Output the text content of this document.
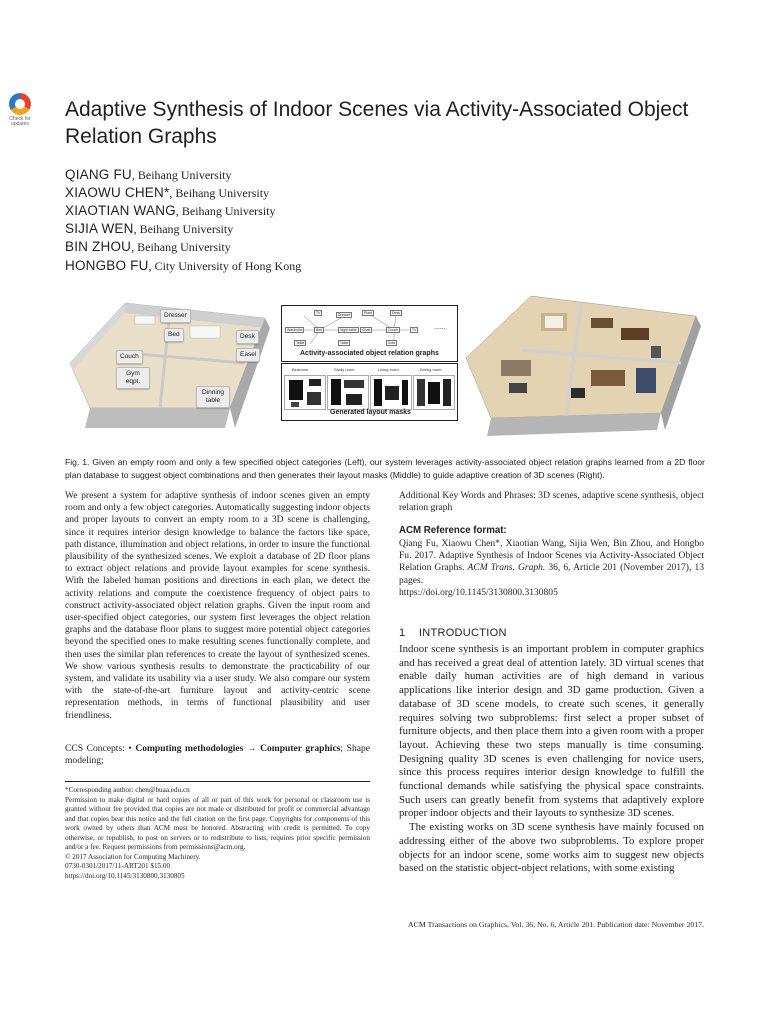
Check for updates
Adaptive Synthesis of Indoor Scenes via Activity-Associated Object Relation Graphs
QIANG FU, Beihang University
XIAOWU CHEN*, Beihang University
XIAOTIAN WANG, Beihang University
SIJIA WEN, Beihang University
BIN ZHOU, Beihang University
HONGBO FU, City University of Hong Kong
Dresser
Bed	Desk
Couch	Easel
Gym eqpt.
Dinning table
TV	Plant
Bed
Wardrobe	Night table	Chair	Couch	TV
Table
Dresser	Desk
Sofa
Table
......
Activity-associated object relation graphs
Bedroom	Study room	Living room	Dining room
Generated layout masks

Fig. 1. Given an empty room and only a few specified object categories (Left), our system leverages activity-associated object relation graphs learned from a 2D floor plan database to suggest object combinations and then generates their layout masks (Middle) to guide adaptive creation of 3D scenes (Right).

We present a system for adaptive synthesis of indoor scenes given an empty room and only a few object categories. Automatically suggesting indoor objects and proper layouts to convert an empty room to a 3D scene is challenging, since it requires interior design knowledge to balance the factors like space, path distance, illumination and object relations, in order to insure the functional plausibility of the synthesized scenes. We exploit a database of 2D floor plans to extract object relations and provide layout examples for scene synthesis. With the labeled human positions and directions in each plan, we detect the activity relations and compute the coexistence frequency of object pairs to construct activity-associated object relation graphs. Given the input room and user-specified object categories, our system first leverages the object relation graphs and the database floor plans to suggest more potential object categories beyond the specified ones to make resulting scenes functionally complete, and then uses the similar plan references to create the layout of synthesized scenes. We show various synthesis results to demonstrate the practicability of our system, and validate its usability via a user study. We also compare our system with the state-of-the-art furniture layout and activity-centric scene representation methods, in terms of functional plausibility and user friendliness.
CCS Concepts: • Computing methodologies → Computer graphics; Shape modeling;

*Corresponding author: chen@buaa.edu.cn

Permission to make digital or hard copies of all or part of this work for personal or classroom use is granted without fee provided that copies are not made or distributed for profit or commercial advantage and that copies bear this notice and the full citation on the first page. Copyrights for components of this work owned by others than ACM must be honored. Abstracting with credit is permitted. To copy otherwise, or republish, to post on servers or to redistribute to lists, requires prior specific permission and/or a fee. Request permissions from permissions@acm.org.

© 2017 Association for Computing Machinery.

0730-0301/2017/11-ART201 $15.00

https://doi.org/10.1145/3130800.3130805

Additional Key Words and Phrases: 3D scenes, adaptive scene synthesis, object relation graph
ACM Reference format:
Qiang Fu, Xiaowu Chen*, Xiaotian Wang, Sijia Wen, Bin Zhou, and Hongbo Fu. 2017. Adaptive Synthesis of Indoor Scenes via Activity-Associated Object Relation Graphs. ACM Trans. Graph. 36, 6, Article 201 (November 2017), 13 pages.
https://doi.org/10.1145/3130800.3130805
1    INTRODUCTION

Indoor scene synthesis is an important problem in computer graphics and has received a great deal of attention lately. 3D virtual scenes that enable daily human activities are of high demand in various applications like interior design and 3D game production. Given a database of 3D scene models, to create such scenes, it generally requires solving two subproblems: first select a proper subset of furniture objects, and then place them into a given room with a proper layout. Achieving these two steps manually is time consuming. Designing quality 3D scenes is even challenging for novice users, since this process requires interior design knowledge to fulfill the functional demands while satisfying the physical space constraints. Such users can greatly benefit from systems that adaptively explore proper indoor objects and their layouts to synthesize 3D scenes.

The existing works on 3D scene synthesis have mainly focused on addressing either of the above two subproblems. To explore proper objects for an indoor scene, some works aim to suggest new objects based on the statistic object-object relations, with some existing

ACM Transactions on Graphics, Vol. 36, No. 6, Article 201. Publication date: November 2017.
